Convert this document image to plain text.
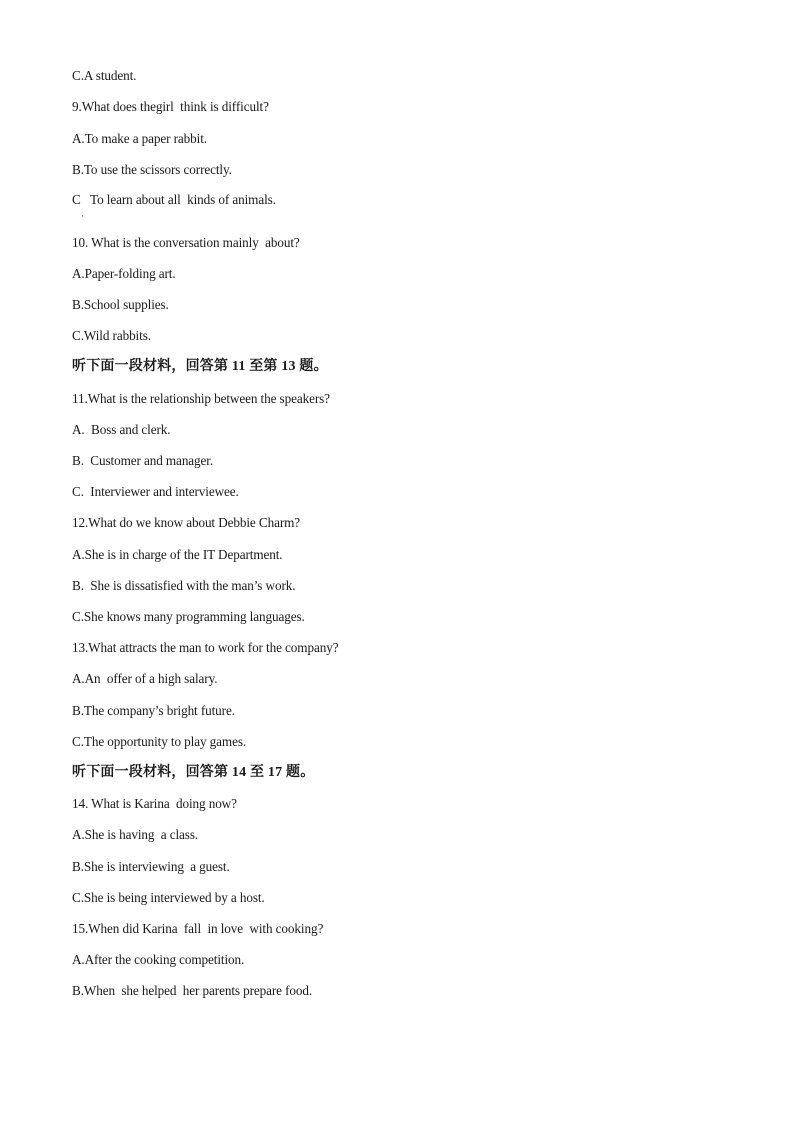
C.A student.
9.What does thegirl  think is difficult?
A.To make a paper rabbit.
B.To use the scissors correctly.
C   To learn about all  kinds of animals.
·
10. What is the conversation mainly  about?
A.Paper-folding art.
B.School supplies.
C.Wild rabbits.
听下面一段材料，回答第 11 至第 13 题。
11.What is the relationship between the speakers?
A.  Boss and clerk.
B.  Customer and manager.
C.  Interviewer and interviewee.
12.What do we know about Debbie Charm?
A.She is in charge of the IT Department.
B.  She is dissatisfied with the man’s work.
C.She knows many programming languages.
13.What attracts the man to work for the company?
A.An  offer of a high salary.
B.The company’s bright future.
C.The opportunity to play games.
听下面一段材料，回答第 14 至 17 题。
14. What is Karina  doing now?
A.She is having  a class.
B.She is interviewing  a guest.
C.She is being interviewed by a host.
15.When did Karina  fall  in love  with cooking?
A.After the cooking competition.
B.When  she helped  her parents prepare food.
